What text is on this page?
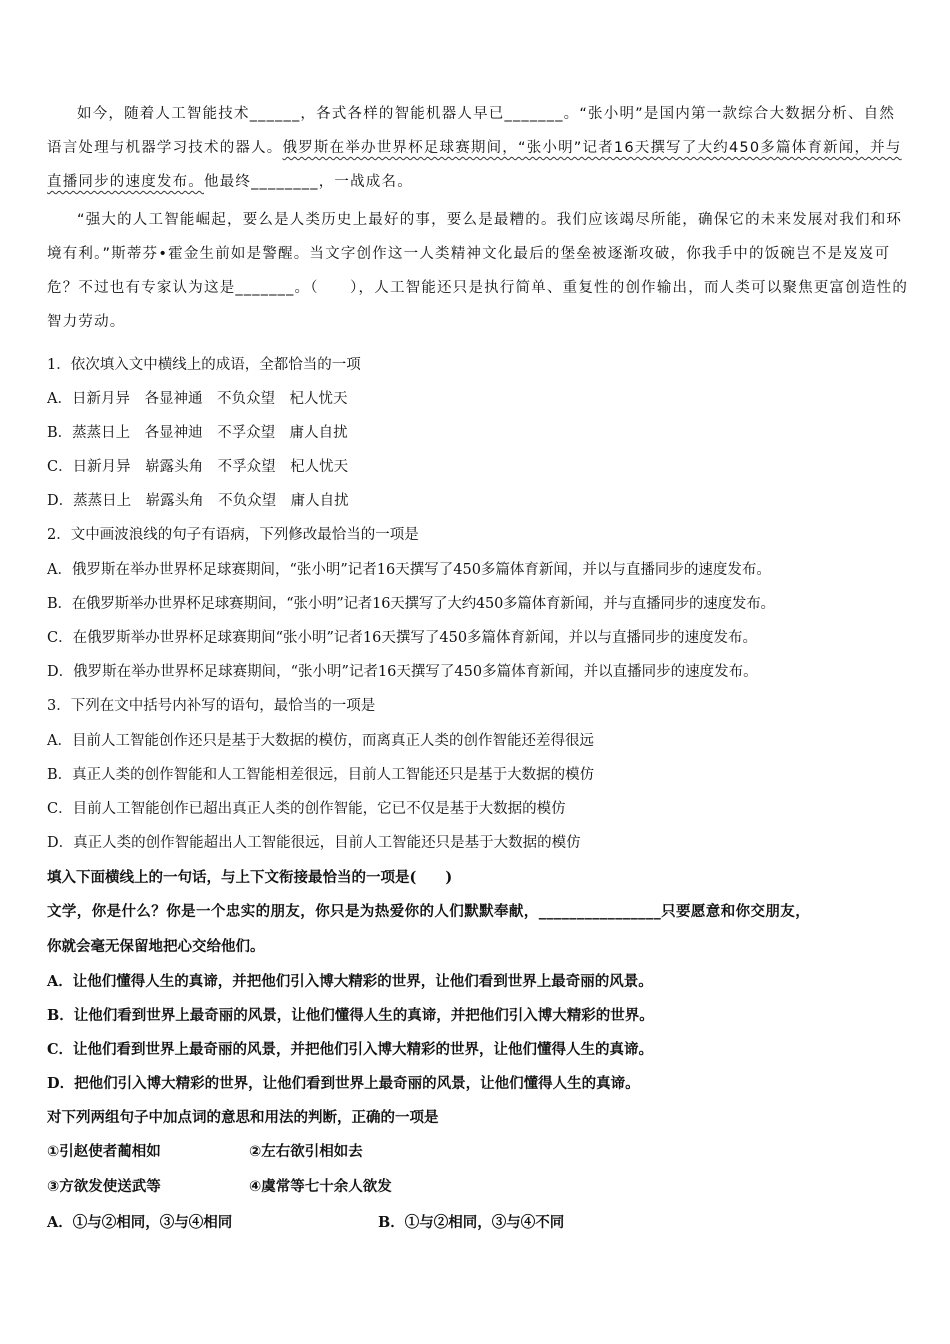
如今，随着人工智能技术______，各式各样的智能机器人早已_______。“张小明”是国内第一款综合大数据分析、自然语言处理与机器学习技术的器人。俄罗斯在举办世界杯足球赛期间，“张小明”记者16天撰写了大约450多篇体育新闻，并与直播同步的速度发布。他最终________，一战成名。
“强大的人工智能崛起，要么是人类历史上最好的事，要么是最糟的。我们应该竭尽所能，确保它的未来发展对我们和环境有利。”斯蒂芬•霍金生前如是警醒。当文字创作这一人类精神文化最后的堡垒被逐渐攻破，你我手中的饭碗岂不是岌岌可危？不过也有专家认为这是_______。（　　），人工智能还只是执行简单、重复性的创作输出，而人类可以聚焦更富创造性的智力劳动。
1．依次填入文中横线上的成语，全都恰当的一项
A．日新月异　各显神通　不负众望　杞人忧天
B．蒸蒸日上　各显神迪　不孚众望　庸人自扰
C．日新月异　崭露头角　不孚众望　杞人忧天
D．蒸蒸日上　崭露头角　不负众望　庸人自扰
2．文中画波浪线的句子有语病，下列修改最恰当的一项是
A．俄罗斯在举办世界杯足球赛期间，“张小明”记者16天撰写了450多篇体育新闻，并以与直播同步的速度发布。
B．在俄罗斯举办世界杯足球赛期间，“张小明”记者16天撰写了大约450多篇体育新闻，并与直播同步的速度发布。
C．在俄罗斯举办世界杯足球赛期间“张小明”记者16天撰写了450多篇体育新闻，并以与直播同步的速度发布。
D．俄罗斯在举办世界杯足球赛期间，“张小明”记者16天撰写了450多篇体育新闻，并以直播同步的速度发布。
3．下列在文中括号内补写的语句，最恰当的一项是
A．目前人工智能创作还只是基于大数据的模仿，而离真正人类的创作智能还差得很远
B．真正人类的创作智能和人工智能相差很远，目前人工智能还只是基于大数据的模仿
C．目前人工智能创作已超出真正人类的创作智能，它已不仅是基于大数据的模仿
D．真正人类的创作智能超出人工智能很远，目前人工智能还只是基于大数据的模仿
填入下面横线上的一句话，与上下文衔接最恰当的一项是(　　)
文学，你是什么？你是一个忠实的朋友，你只是为热爱你的人们默默奉献，________________只要愿意和你交朋友，
你就会毫无保留地把心交给他们。
A．让他们懂得人生的真谛，并把他们引入博大精彩的世界，让他们看到世界上最奇丽的风景。
B．让他们看到世界上最奇丽的风景，让他们懂得人生的真谛，并把他们引入博大精彩的世界。
C．让他们看到世界上最奇丽的风景，并把他们引入博大精彩的世界，让他们懂得人生的真谛。
D．把他们引入博大精彩的世界，让他们看到世界上最奇丽的风景，让他们懂得人生的真谛。
对下列两组句子中加点词的意思和用法的判断，正确的一项是
①引赵使者蔺相如	②左右欲引相如去
③方欲发使送武等	④虞常等七十余人欲发
A．①与②相同，③与④相同	B．①与②相同，③与④不同
